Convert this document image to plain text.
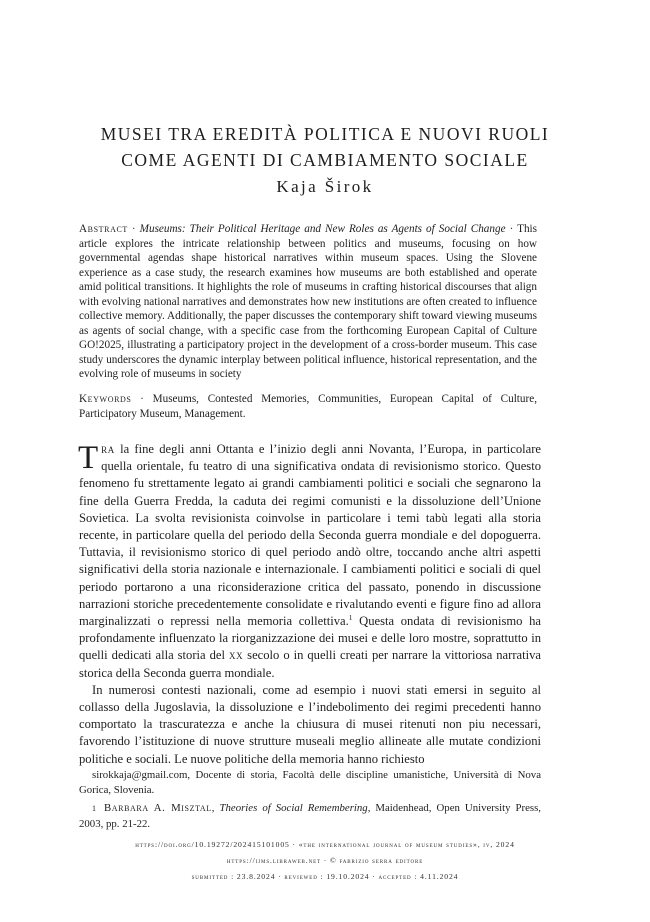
MUSEI TRA EREDITÀ POLITICA E NUOVI RUOLI
COME AGENTI DI CAMBIAMENTO SOCIALE
Kaja Širok
Abstract · Museums: Their Political Heritage and New Roles as Agents of Social Change · This article explores the intricate relationship between politics and museums, focusing on how governmental agendas shape historical narratives within museum spaces. Using the Slovene experience as a case study, the research examines how museums are both established and operate amid political transitions. It highlights the role of museums in crafting historical discourses that align with evolving national narratives and demonstrates how new institutions are often created to influence collective memory. Additionally, the paper discusses the contemporary shift toward viewing museums as agents of social change, with a specific case from the forthcoming European Capital of Culture GO!2025, illustrating a participatory project in the development of a cross-border museum. This case study underscores the dynamic interplay between political influence, historical representation, and the evolving role of museums in society
Keywords · Museums, Contested Memories, Communities, European Capital of Culture, Participatory Museum, Management.

Tra la fine degli anni Ottanta e l’inizio degli anni Novanta, l’Europa, in particolare quella orientale, fu teatro di una significativa ondata di revisionismo storico. Questo fenomeno fu strettamente legato ai grandi cambiamenti politici e sociali che segnarono la fine della Guerra Fredda, la caduta dei regimi comunisti e la dissoluzione dell’Unione Sovietica. La svolta revisionista coinvolse in particolare i temi tabù legati alla storia recente, in particolare quella del periodo della Seconda guerra mondiale e del dopoguerra. Tuttavia, il revisionismo storico di quel periodo andò oltre, toccando anche altri aspetti significativi della storia nazionale e internazionale. I cambiamenti politici e sociali di quel periodo portarono a una riconsiderazione critica del passato, ponendo in discussione narrazioni storiche precedentemente consolidate e rivalutando eventi e figure fino ad allora marginalizzati o repressi nella memoria collettiva.$^1$ Questa ondata di revisionismo ha profondamente influenzato la riorganizzazione dei musei e delle loro mostre, soprattutto in quelli dedicati alla storia del xx secolo o in quelli creati per narrare la vittoriosa narrativa storica della Seconda guerra mondiale.

In numerosi contesti nazionali, come ad esempio i nuovi stati emersi in seguito al collasso della Jugoslavia, la dissoluzione e l’indebolimento dei regimi precedenti hanno comportato la trascuratezza e anche la chiusura di musei ritenuti non piu necessari, favorendo l’istituzione di nuove strutture museali meglio allineate alle mutate condizioni politiche e sociali. Le nuove politiche della memoria hanno richiesto

sirokkaja@gmail.com, Docente di storia, Facoltà delle discipline umanistiche, Università di Nova Gorica, Slovenia.

1 Barbara A. Misztal, Theories of Social Remembering, Maidenhead, Open University Press, 2003, pp. 21-22.

https://doi.org/10.19272/202415101005 · «the international journal of museum studies», iv, 2024
https://ijms.libraweb.net · © fabrizio serra editore
submitted : 23.8.2024 · reviewed : 19.10.2024 · accepted : 4.11.2024
